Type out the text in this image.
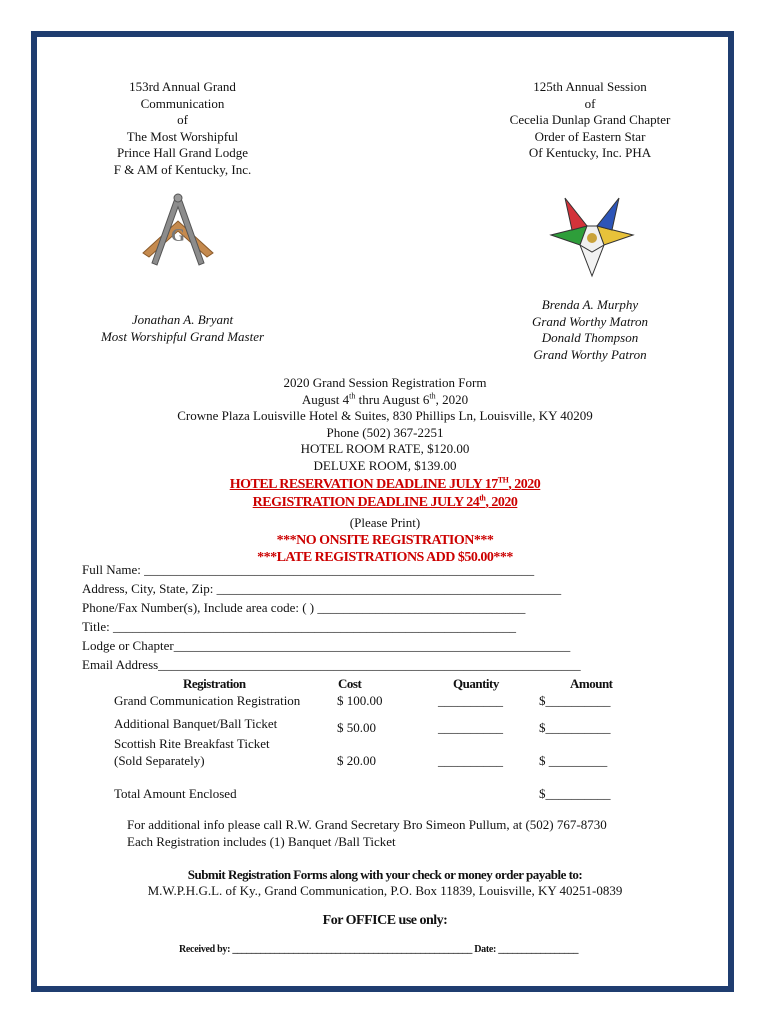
153rd Annual Grand
Communication
of
The Most Worshipful
Prince Hall Grand Lodge
F & AM of Kentucky, Inc.
125th Annual Session
of
Cecelia Dunlap Grand Chapter
Order of Eastern Star
Of Kentucky, Inc. PHA
G
Jonathan A. Bryant
Most Worshipful Grand Master
Brenda A. Murphy
Grand Worthy Matron
Donald Thompson
Grand Worthy Patron
2020 Grand Session Registration Form
August 4th thru August 6th, 2020
Crowne Plaza Louisville Hotel & Suites, 830 Phillips Ln, Louisville, KY 40209
Phone (502) 367-2251
HOTEL ROOM RATE, $120.00
DELUXE ROOM, $139.00
HOTEL RESERVATION DEADLINE JULY 17TH, 2020
REGISTRATION DEADLINE JULY 24th, 2020
(Please Print)
***NO ONSITE REGISTRATION***
***LATE REGISTRATIONS ADD $50.00***
Full Name: ____________________________________________________________
Address, City, State, Zip: _____________________________________________________
Phone/Fax Number(s), Include area code: ( ) ________________________________
Title: ______________________________________________________________
Lodge or Chapter_____________________________________________________________
Email Address_________________________________________________________________
Registration	Cost	Quantity	Amount
Grand Communication Registration	$ 100.00	__________	$__________
Additional Banquet/Ball Ticket	$ 50.00	__________	$__________
Scottish Rite Breakfast Ticket
(Sold Separately)	$ 20.00	__________	$ _________
Total Amount Enclosed	$__________
For additional info please call R.W. Grand Secretary Bro Simeon Pullum, at (502) 767-8730
Each Registration includes (1) Banquet /Ball Ticket
Submit Registration Forms along with your check or money order payable to:
M.W.P.H.G.L. of Ky., Grand Communication, P.O. Box 11839, Louisville, KY 40251-0839
For OFFICE use only:
Received by: ___________________________________________________ Date: _________________
